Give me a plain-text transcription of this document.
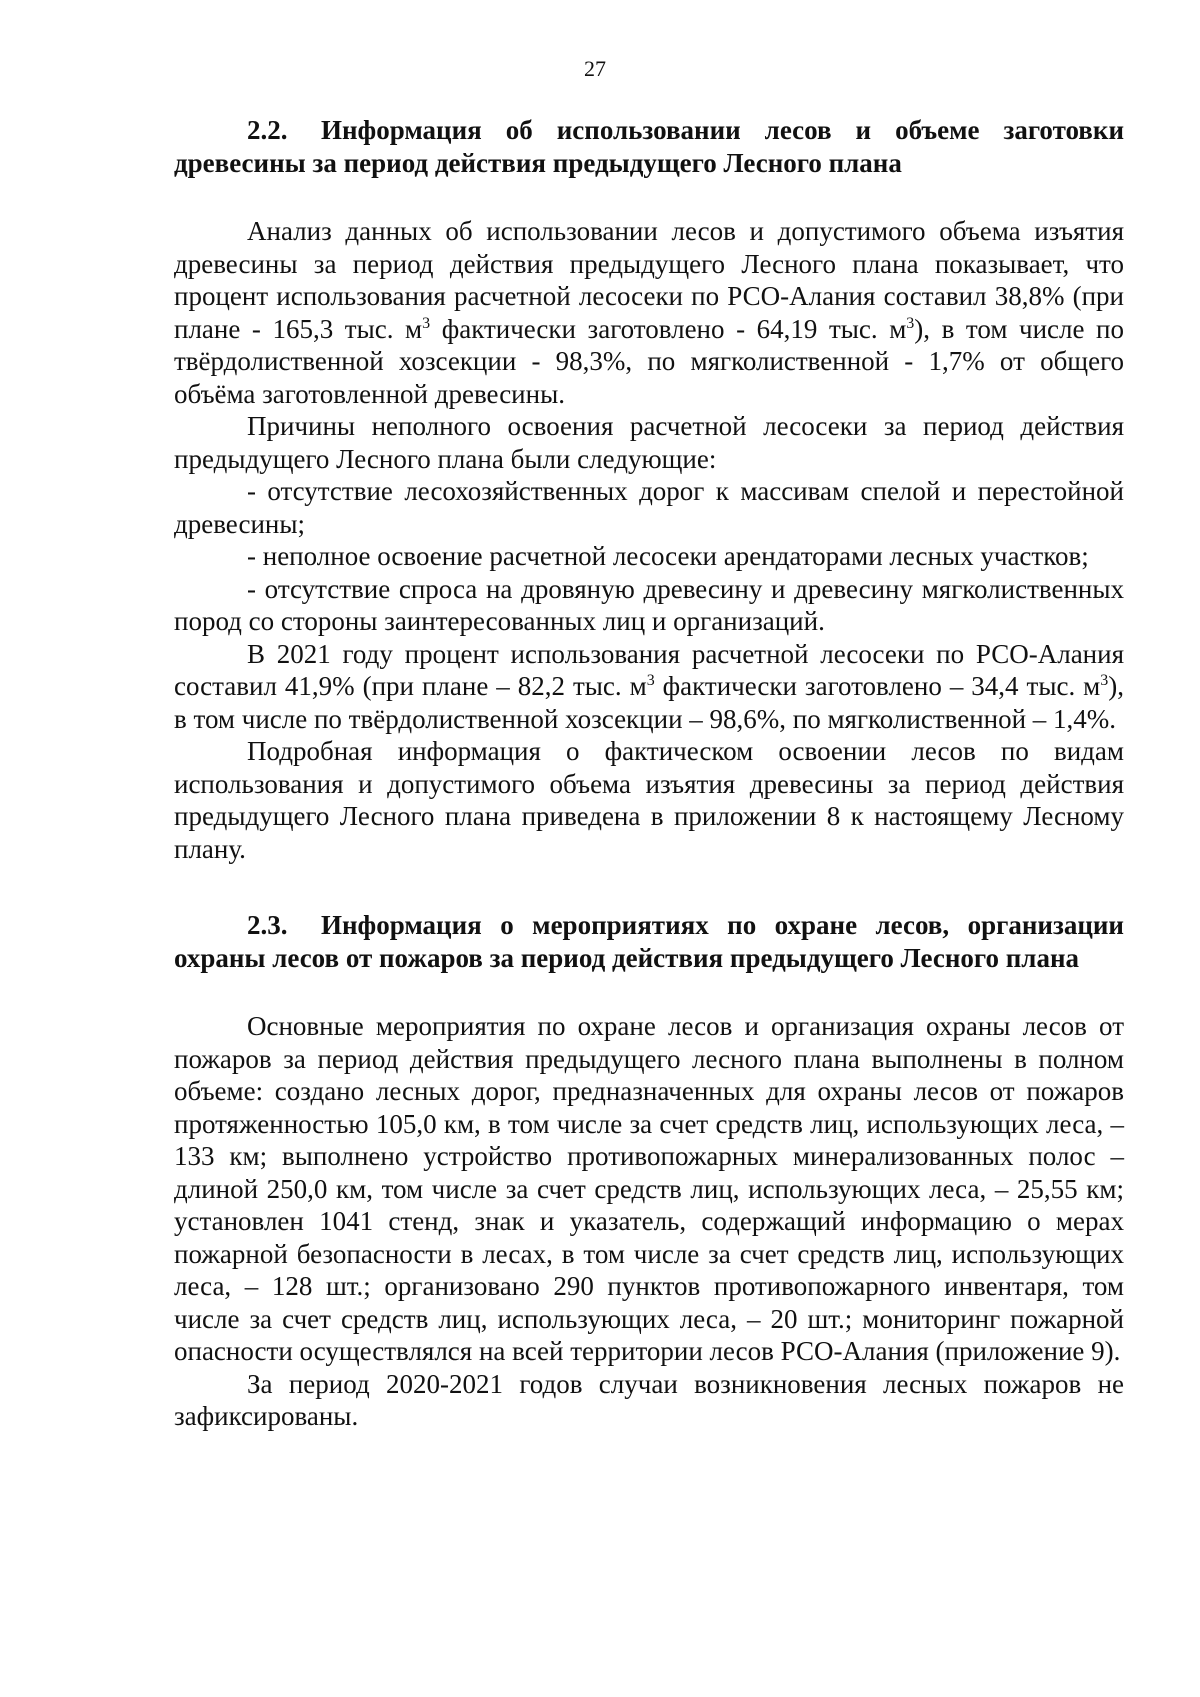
27

2.2. Информация об использовании лесов и объеме заготовки древесины за период действия предыдущего Лесного плана

Анализ данных об использовании лесов и допустимого объема изъятия древесины за период действия предыдущего Лесного плана показывает, что процент использования расчетной лесосеки по РСО-Алания составил 38,8% (при плане - 165,3 тыс. $м^3$ фактически заготовлено - 64,19 тыс. $м^3$), в том числе по твёрдолиственной хозсекции - 98,3%, по мягколиственной - 1,7% от общего объёма заготовленной древесины.

Причины неполного освоения расчетной лесосеки за период действия предыдущего Лесного плана были следующие:

- отсутствие лесохозяйственных дорог к массивам спелой и перестойной древесины;

- неполное освоение расчетной лесосеки арендаторами лесных участков;

- отсутствие спроса на дровяную древесину и древесину мягколиственных пород со стороны заинтересованных лиц и организаций.

В 2021 году процент использования расчетной лесосеки по РСО-Алания составил 41,9% (при плане – 82,2 тыс. $м^3$ фактически заготовлено – 34,4 тыс. $м^3$), в том числе по твёрдолиственной хозсекции – 98,6%, по мягколиственной – 1,4%.

Подробная информация о фактическом освоении лесов по видам использования и допустимого объема изъятия древесины за период действия предыдущего Лесного плана приведена в приложении 8 к настоящему Лесному плану.

2.3. Информация о мероприятиях по охране лесов, организации охраны лесов от пожаров за период действия предыдущего Лесного плана

Основные мероприятия по охране лесов и организация охраны лесов от пожаров за период действия предыдущего лесного плана выполнены в полном объеме: создано лесных дорог, предназначенных для охраны лесов от пожаров протяженностью 105,0 км, в том числе за счет средств лиц, использующих леса, – 133 км; выполнено устройство противопожарных минерализованных полос – длиной 250,0 км, том числе за счет средств лиц, использующих леса, – 25,55 км; установлен 1041 стенд, знак и указатель, содержащий информацию о мерах пожарной безопасности в лесах, в том числе за счет средств лиц, использующих леса, – 128 шт.; организовано 290 пунктов противопожарного инвентаря, том числе за счет средств лиц, использующих леса, – 20 шт.; мониторинг пожарной опасности осуществлялся на всей территории лесов РСО-Алания (приложение 9).

За период 2020-2021 годов случаи возникновения лесных пожаров не зафиксированы.
